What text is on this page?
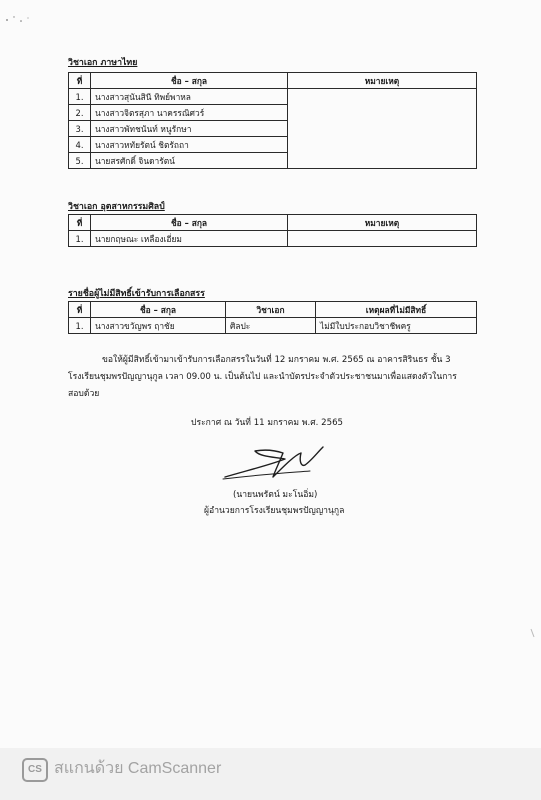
วิชาเอก ภาษาไทย
ที่	ชื่อ – สกุล	หมายเหตุ
1.	นางสาวสุนันสินี ทิพย์พาหล	
2.	นางสาวจิตรสุภา นาครรณิศวร์	
3.	นางสาวพัทชนันท์ หนูรักษา	
4.	นางสาวหทัยรัตน์ ชิตรัถถา	
5.	นายสรศักดิ์ จินดารัตน์	
วิชาเอก อุตสาหกรรมศิลป์
ที่	ชื่อ – สกุล	หมายเหตุ
1.	นายกฤษณะ เหลืองเอี่ยม	
รายชื่อผู้ไม่มีสิทธิ์เข้ารับการเลือกสรร
ที่	ชื่อ – สกุล	วิชาเอก	เหตุผลที่ไม่มีสิทธิ์
1.	นางสาวขวัญพร ฤาชัย	ศิลปะ	ไม่มีใบประกอบวิชาชีพครู
ขอให้ผู้มีสิทธิ์เข้ามาเข้ารับการเลือกสรรในวันที่ 12 มกราคม พ.ศ. 2565 ณ อาคารสิรินธร ชั้น 3
โรงเรียนชุมพรปัญญานุกูล เวลา 09.00 น. เป็นต้นไป และนำบัตรประจำตัวประชาชนมาเพื่อแสดงตัวในการ
สอบด้วย
ประกาศ ณ วันที่ 11 มกราคม พ.ศ. 2565
(นายนพรัตน์ มะโนอิ่ม)
ผู้อำนวยการโรงเรียนชุมพรปัญญานุกูล
CS สแกนด้วย CamScanner
